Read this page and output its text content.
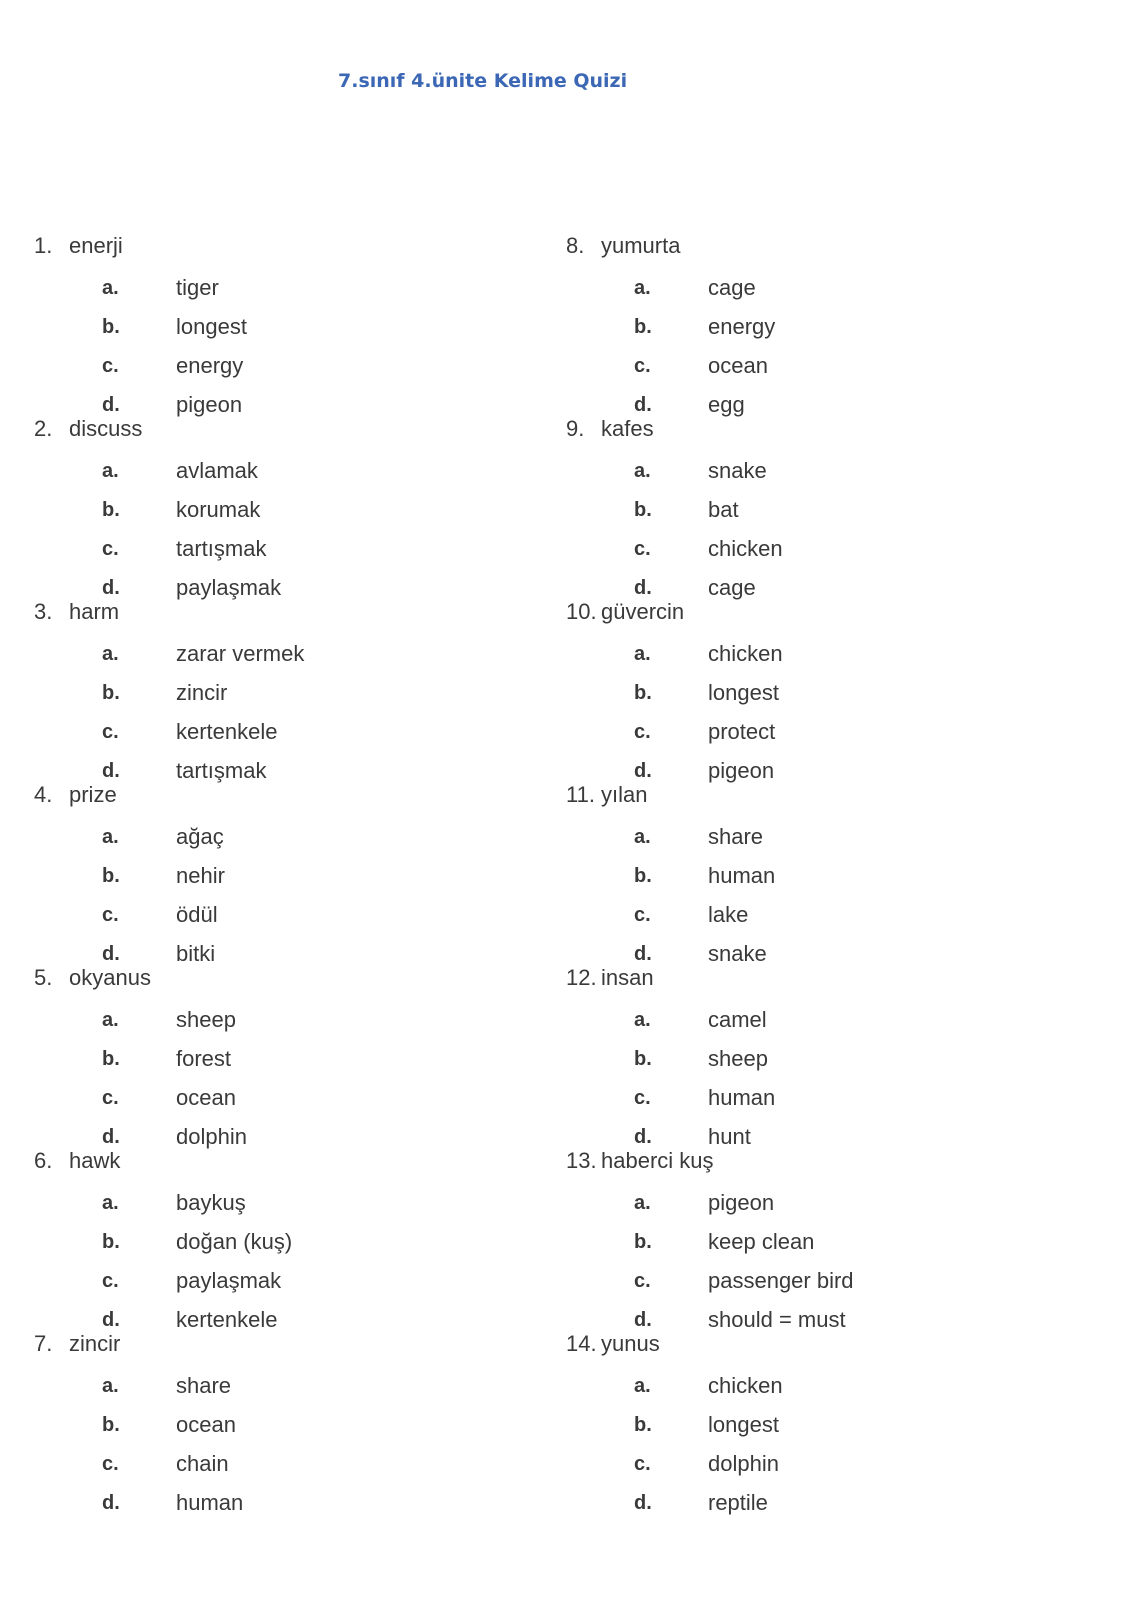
7.sınıf 4.ünite Kelime Quizi
1. enerji
a.	tiger
b.	longest
c.	energy
d.	pigeon
2. discuss
a.	avlamak
b.	korumak
c.	tartışmak
d.	paylaşmak
3. harm
a.	zarar vermek
b.	zincir
c.	kertenkele
d.	tartışmak
4. prize
a.	ağaç
b.	nehir
c.	ödül
d.	bitki
5. okyanus
a.	sheep
b.	forest
c.	ocean
d.	dolphin
6. hawk
a.	baykuş
b.	doğan (kuş)
c.	paylaşmak
d.	kertenkele
7. zincir
a.	share
b.	ocean
c.	chain
d.	human
8. yumurta
a.	cage
b.	energy
c.	ocean
d.	egg
9. kafes
a.	snake
b.	bat
c.	chicken
d.	cage
10. güvercin
a.	chicken
b.	longest
c.	protect
d.	pigeon
11. yılan
a.	share
b.	human
c.	lake
d.	snake
12. insan
a.	camel
b.	sheep
c.	human
d.	hunt
13. haberci kuş
a.	pigeon
b.	keep clean
c.	passenger bird
d.	should = must
14. yunus
a.	chicken
b.	longest
c.	dolphin
d.	reptile
